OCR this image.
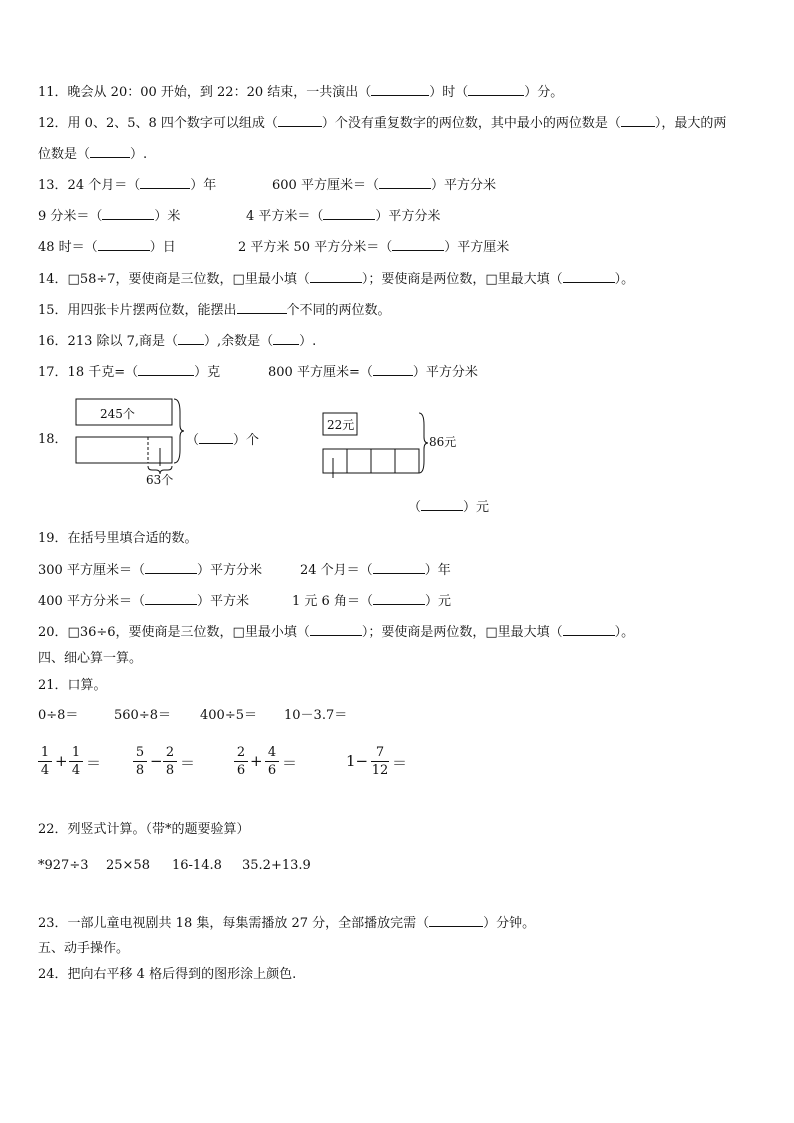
11．晚会从 20：00 开始，到 22：20 结束，一共演出（	）时（	）分。
12．用 0、2、5、8 四个数字可以组成（	）个没有重复数字的两位数，其中最小的两位数是（	），最大的两
位数是（	）.
13．24 个月＝（	）年	600 平方厘米＝（	）平方分米
9 分米＝（	）米	4 平方米＝（	）平方分米
48 时＝（	）日	2 平方米 50 平方分米＝（	）平方厘米
14．□58÷7，要使商是三位数，□里最小填（	）；要使商是两位数，□里最大填（	）。
15．用四张卡片摆两位数，能摆出	个不同的两位数。
16．213 除以 7,商是（ ）,余数是（ ）.
17．18 千克=（	）克	800 平方厘米=（	）平方分米
18．
245个
63个
22元
86元
（	）个
（	）元
19．在括号里填合适的数。
300 平方厘米＝（	）平方分米	24 个月＝（	）年
400 平方分米＝（	）平方米	1 元 6 角＝（	）元
20．□36÷6，要使商是三位数，□里最小填（	）；要使商是两位数，□里最大填（	）。
四、细心算一算。
21．口算。
0÷8＝	560÷8＝ 400÷5＝ 10－3.7＝
$\frac{1}{4} + \frac{1}{4} = \frac{5}{8} - \frac{2}{8}$ ＝	$\frac{2}{6} + \frac{4}{6}$ ＝	$1- \frac{7}{12}$ ＝
22．列竖式计算。（带*的题要验算）
*927÷3 25×58 16-14.8 35.2+13.9
23．一部儿童电视剧共 18 集，每集需播放 27 分，全部播放完需（	）分钟。
五、动手操作。
24．把向右平移 4 格后得到的图形涂上颜色.
